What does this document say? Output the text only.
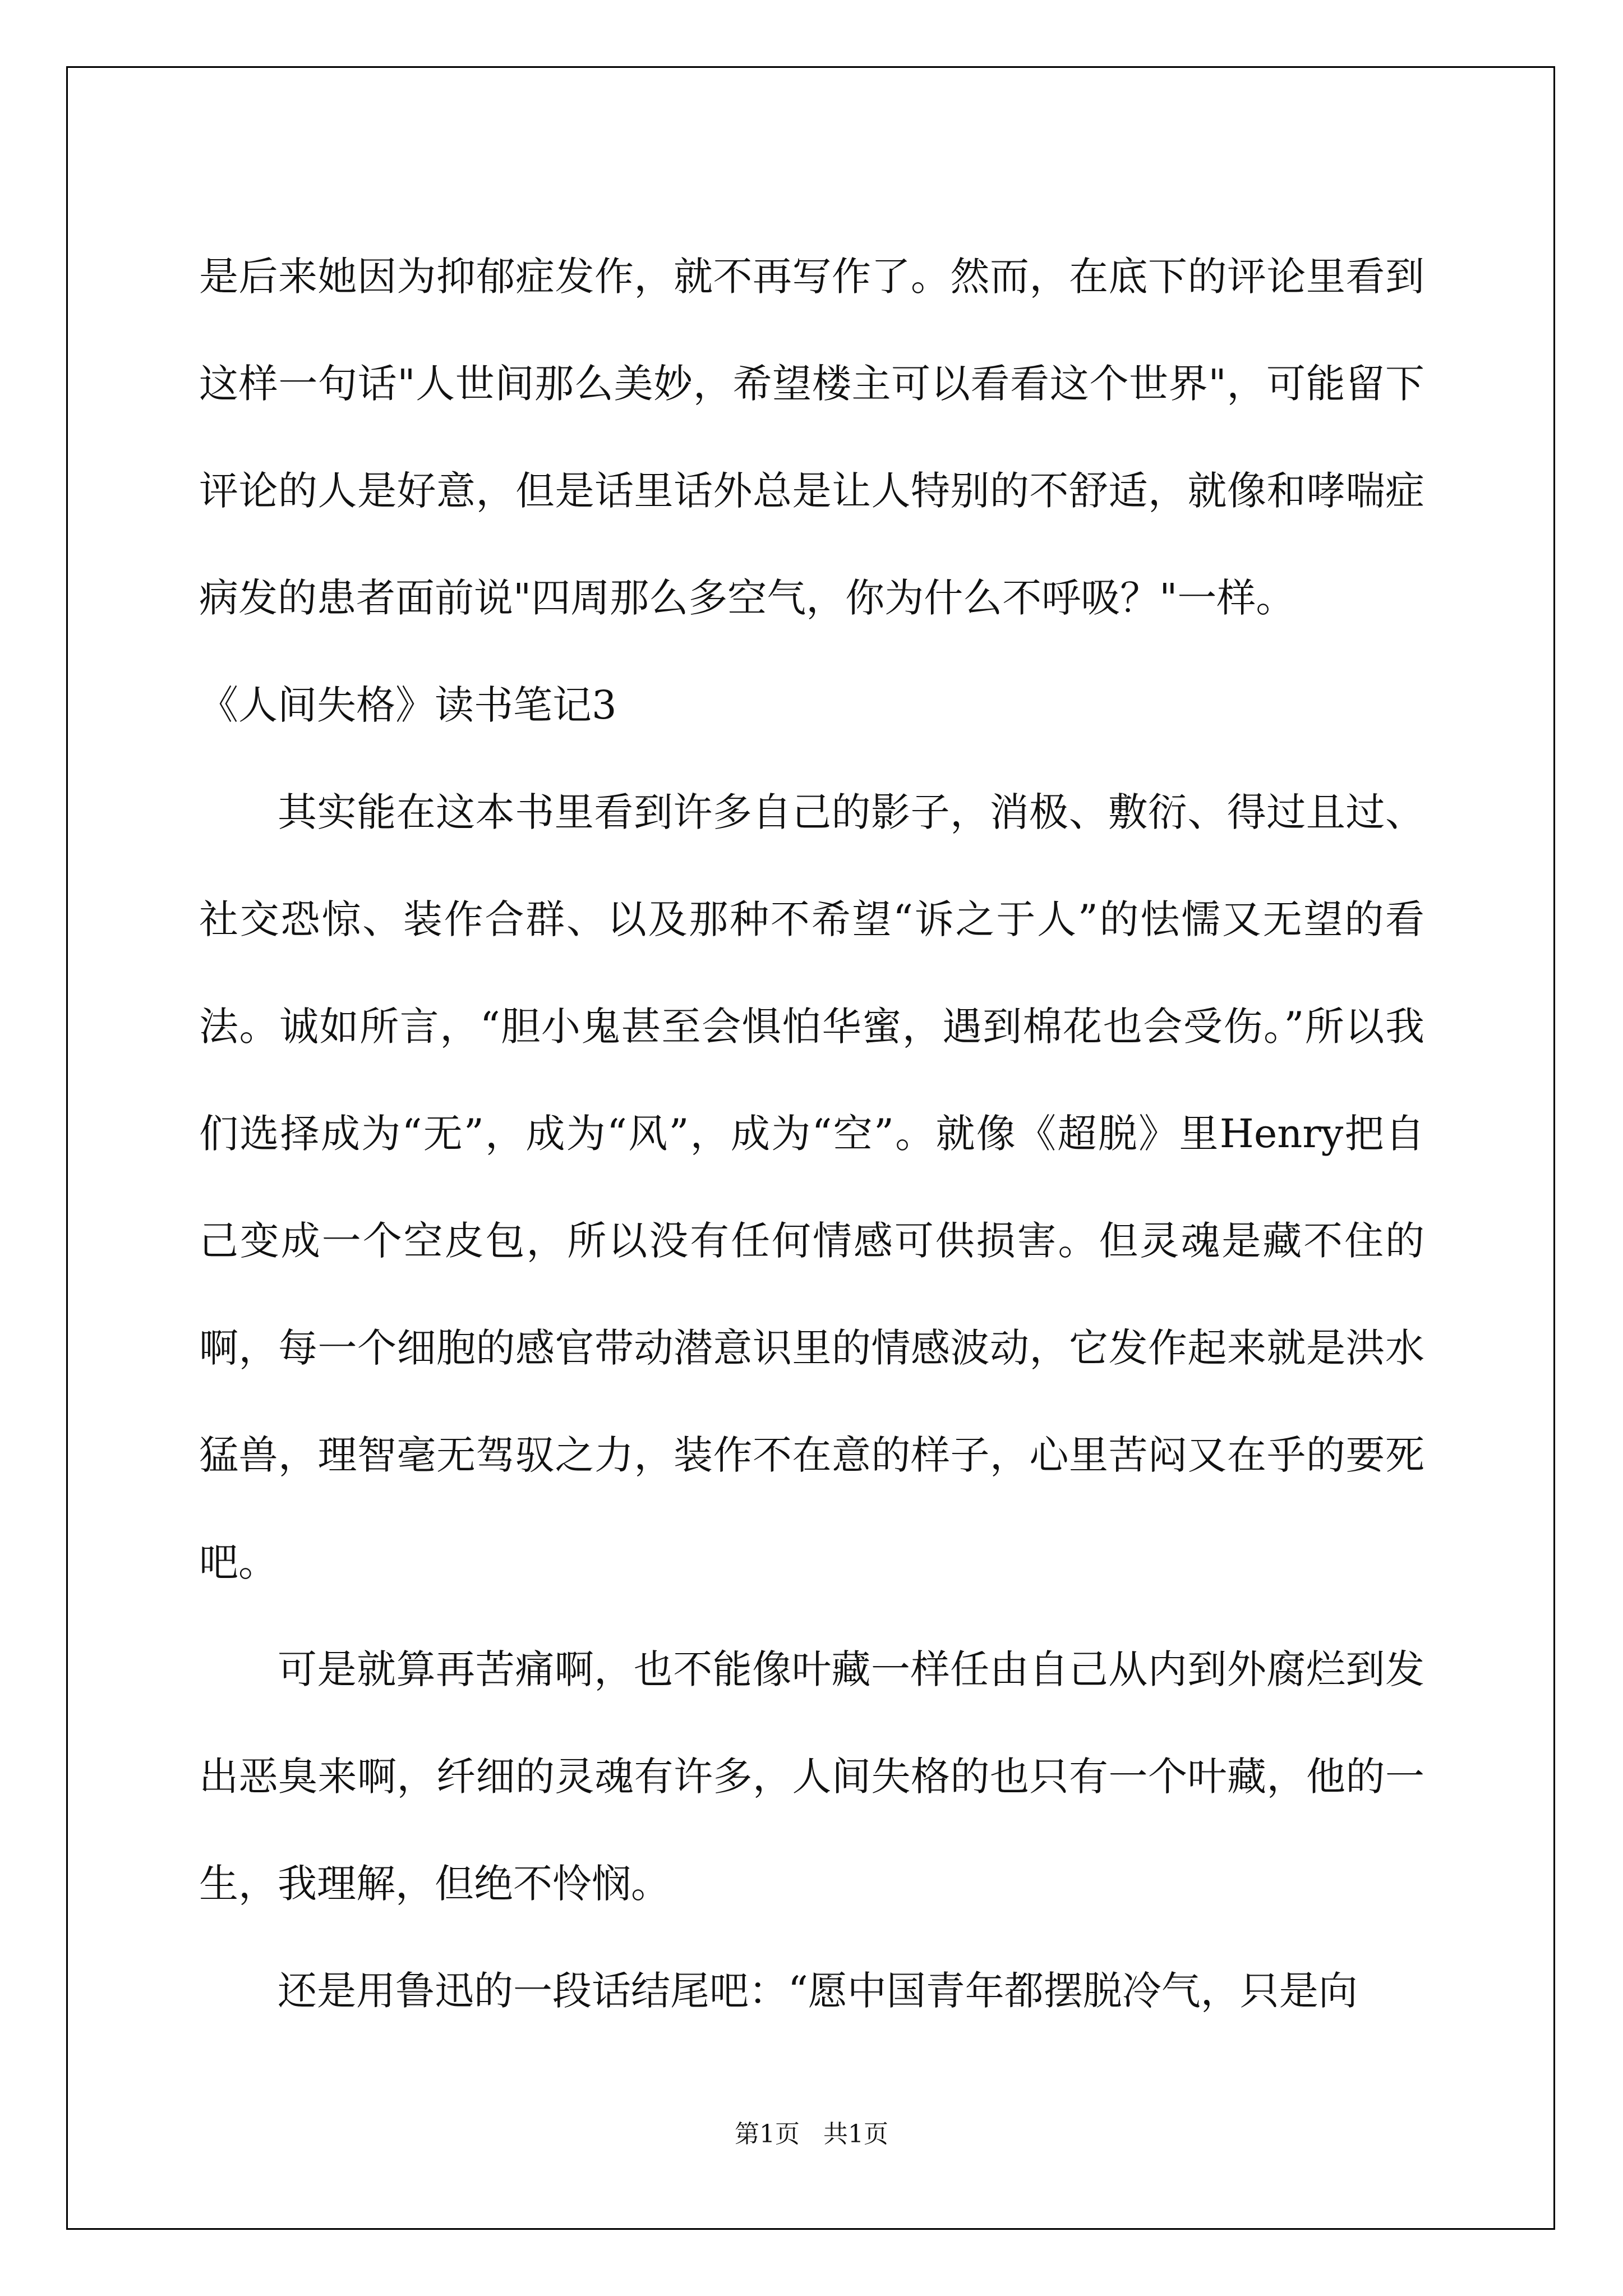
是后来她因为抑郁症发作，就不再写作了。然而，在底下的评论里看到这样一句话"人世间那么美妙，希望楼主可以看看这个世界"，可能留下评论的人是好意，但是话里话外总是让人特别的不舒适，就像和哮喘症病发的患者面前说"四周那么多空气，你为什么不呼吸？"一样。

《人间失格》读书笔记3

其实能在这本书里看到许多自己的影子，消极、敷衍、得过且过、社交恐惊、装作合群、以及那种不希望“诉之于人”的怯懦又无望的看法。诚如所言，“胆小鬼甚至会惧怕华蜜，遇到棉花也会受伤。”所以我们选择成为“无”，成为“风”，成为“空”。就像《超脱》里Henry把自己变成一个空皮包，所以没有任何情感可供损害。但灵魂是藏不住的啊，每一个细胞的感官带动潜意识里的情感波动，它发作起来就是洪水猛兽，理智毫无驾驭之力，装作不在意的样子，心里苦闷又在乎的要死吧。

可是就算再苦痛啊，也不能像叶藏一样任由自己从内到外腐烂到发出恶臭来啊，纤细的灵魂有许多，人间失格的也只有一个叶藏，他的一生，我理解，但绝不怜悯。

还是用鲁迅的一段话结尾吧：“愿中国青年都摆脱冷气，只是向

第1页 共1页
